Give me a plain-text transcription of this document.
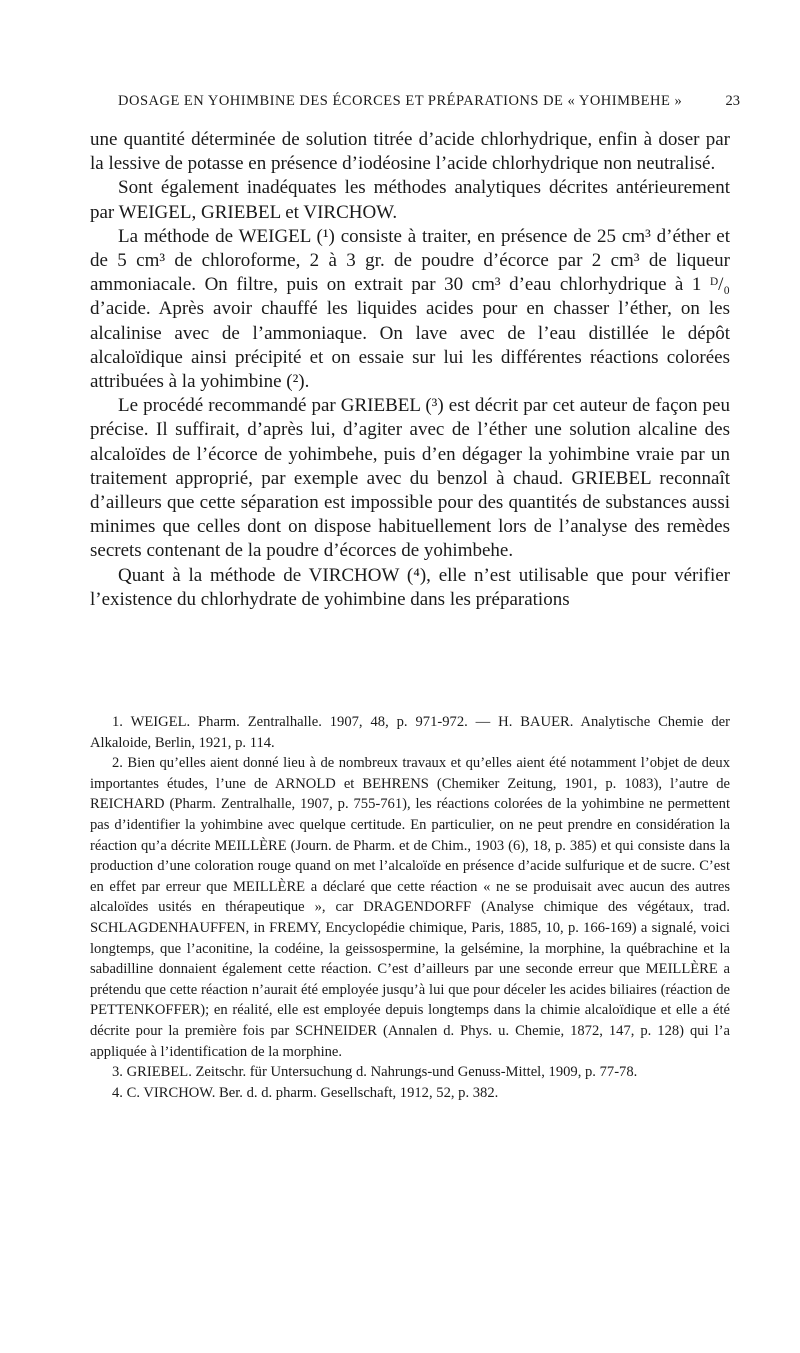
DOSAGE EN YOHIMBINE DES ÉCORCES ET PRÉPARATIONS DE « YOHIMBEHE »	23

une quantité déterminée de solution titrée d’acide chlorhydrique, enfin à doser par la lessive de potasse en présence d’iodéosine l’acide chlorhydrique non neutralisé.

Sont également inadéquates les méthodes analytiques décrites antérieurement par WEIGEL, GRIEBEL et VIRCHOW.

La méthode de WEIGEL (¹) consiste à traiter, en présence de 25 cm³ d’éther et de 5 cm³ de chloroforme, 2 à 3 gr. de poudre d’écorce par 2 cm³ de liqueur ammoniacale. On filtre, puis on extrait par 30 cm³ d’eau chlorhydrique à 1 ᴰ/₀ d’acide. Après avoir chauffé les liquides acides pour en chasser l’éther, on les alcalinise avec de l’ammoniaque. On lave avec de l’eau distillée le dépôt alcaloïdique ainsi précipité et on essaie sur lui les différentes réactions colorées attribuées à la yohimbine (²).

Le procédé recommandé par GRIEBEL (³) est décrit par cet auteur de façon peu précise. Il suffirait, d’après lui, d’agiter avec de l’éther une solution alcaline des alcaloïdes de l’écorce de yohimbehe, puis d’en dégager la yohimbine vraie par un traitement approprié, par exemple avec du benzol à chaud. GRIEBEL reconnaît d’ailleurs que cette séparation est impossible pour des quantités de substances aussi minimes que celles dont on dispose habituellement lors de l’analyse des remèdes secrets contenant de la poudre d’écorces de yohimbehe.

Quant à la méthode de VIRCHOW (⁴), elle n’est utilisable que pour vérifier l’existence du chlorhydrate de yohimbine dans les préparations

1. WEIGEL. Pharm. Zentralhalle. 1907, 48, p. 971-972. — H. BAUER. Analytische Chemie der Alkaloide, Berlin, 1921, p. 114.

2. Bien qu’elles aient donné lieu à de nombreux travaux et qu’elles aient été notamment l’objet de deux importantes études, l’une de ARNOLD et BEHRENS (Chemiker Zeitung, 1901, p. 1083), l’autre de REICHARD (Pharm. Zentralhalle, 1907, p. 755-761), les réactions colorées de la yohimbine ne permettent pas d’identifier la yohimbine avec quelque certitude. En particulier, on ne peut prendre en considération la réaction qu’a décrite MEILLÈRE (Journ. de Pharm. et de Chim., 1903 (6), 18, p. 385) et qui consiste dans la production d’une coloration rouge quand on met l’alcaloïde en présence d’acide sulfurique et de sucre. C’est en effet par erreur que MEILLÈRE a déclaré que cette réaction « ne se produisait avec aucun des autres alcaloïdes usités en thérapeutique », car DRAGENDORFF (Analyse chimique des végétaux, trad. SCHLAGDENHAUFFEN, in FREMY, Encyclopédie chimique, Paris, 1885, 10, p. 166-169) a signalé, voici longtemps, que l’aconitine, la codéine, la geissospermine, la gelsémine, la morphine, la québrachine et la sabadilline donnaient également cette réaction. C’est d’ailleurs par une seconde erreur que MEILLÈRE a prétendu que cette réaction n’aurait été employée jusqu’à lui que pour déceler les acides biliaires (réaction de PETTENKOFFER); en réalité, elle est employée depuis longtemps dans la chimie alcaloïdique et elle a été décrite pour la première fois par SCHNEIDER (Annalen d. Phys. u. Chemie, 1872, 147, p. 128) qui l’a appliquée à l’identification de la morphine.

3. GRIEBEL. Zeitschr. für Untersuchung d. Nahrungs-und Genuss-Mittel, 1909, p. 77-78.

4. C. VIRCHOW. Ber. d. d. pharm. Gesellschaft, 1912, 52, p. 382.
